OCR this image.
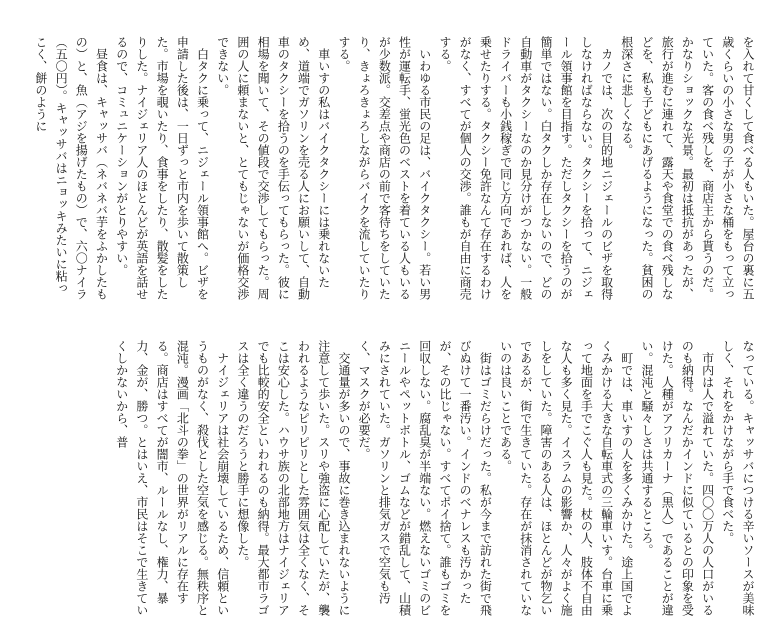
を入れて甘くして食べる人もいた。屋台の裏に五歳くらいの小さな男の子が小さな桶をもって立っていた。客の食べ残しを、商店主から貰うのだ。かなりショックな光景。最初は抵抗があったが、旅行が進むに連れて、露天や食堂での食べ残しなどを、私も子どもにあげるようになった。貧困の根深さに悲しくなる。

カノでは、次の目的地ニジェールのビザを取得しなければならない。タクシーを拾って、ニジェール領事館を目指す。ただしタクシーを拾うのが簡単ではない。白タクしか存在しないので、どの自動車がタクシーなのか見分けがつかない。一般ドライバーも小銭稼ぎで同じ方向であれば、人を乗せたりする。タクシー免許なんて存在するわけがなく、すべてが個人の交渉。誰もが自由に商売する。

いわゆる市民の足は、バイクタクシー。若い男性が運転手、蛍光色のベストを着ている人もいるが少数派。交差点や商店の前で客待ちをしていたり、きょろきょろしながらバイクを流していたりする。

車いすの私はバイクタクシーには乗れないため、道端でガソリンを売る人にお願いして、自動車のタクシーを拾うのを手伝ってもらった。彼に相場を聞いて、その値段で交渉してもらった。周囲の人に頼まないと、とてもじゃないが価格交渉できない。

白タクに乗って、ニジェール領事館へ。ビザを申請した後は、一日ずっと市内を歩いて散策した。市場を覗いたり、食事をしたり、散髪をしたりした。ナイジェリア人のほとんどが英語を話せるので、コミュニケーションがとりやすい。

昼食は、キャッサバ（ネバネバ芋をふかしたもの）と、魚（アジを揚げたもの）で、六〇ナイラ（五〇円）。キャッサバはニョッキみたいに粘っこく、餅のように

なっている。キャッサバにつける辛いソースが美味しく、それをかけながら手で食べた。

市内は人で溢れていた。四〇〇万人の人口がいるのも納得。なんだかインドに似ているとの印象を受けた。人種がアフリカーナ（黒人）であることが違い。混沌と騒々しさは共通するところ。

町では、車いすの人を多くみかけた。途上国でよくみかける大きな自転車式の三輪車いす。台車に乗って地面を手でこぐ人も見た。杖の人、肢体不自由な人も多く見た。イスラムの影響か、人々がよく施しをしていた。障害のある人は、ほとんどが物乞いであるが、街で生きていた。存在が抹消されていないのは良いことである。

街はゴミだらけだった。私が今まで訪れた街で飛びぬけて一番汚い。インドのベナレスも汚かったが、その比じゃない。すべてポイ捨て。誰もゴミを回収しない。腐乱臭が半端ない。燃えないゴミのビニールやペットボトル、ゴムなどが錯乱して、山積みにされていた。ガソリンと排気ガスで空気も汚く、マスクが必要だ。

交通量が多いので、事故に巻き込まれないように注意して歩いた。スリや強盗に心配していたが、襲われるようなピリピリとした雰囲気は全くなく、そこは安心した。ハウサ族の北部地方はナイジェリアでも比較的安全といわれるのも納得。最大都市ラゴスは全く違うのだろうと勝手に想像した。

ナイジェリアは社会崩壊しているため、信頼というものがなく、殺伐とした空気を感じる。無秩序と混沌。漫画「北斗の拳」の世界がリアルに存在する。商店はすべてが闇市、ルールなし、権力、暴力、金が、勝つ。とはいえ、市民はそこで生きていくしかないから、普
